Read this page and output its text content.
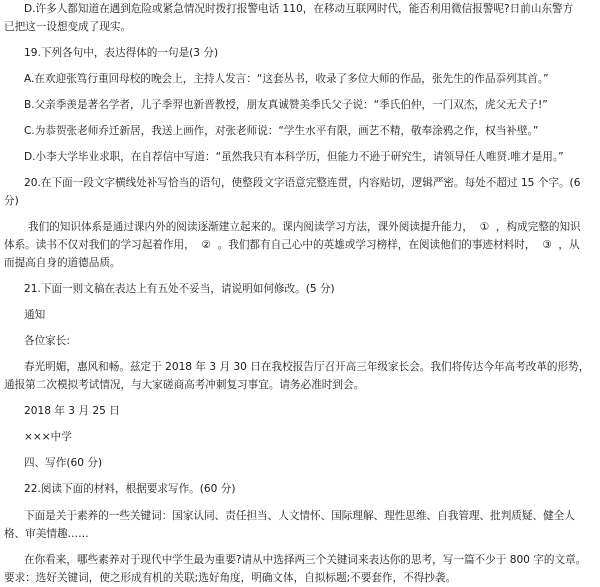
D.许多人都知道在遇到危险或紧急情况时拨打报警电话 110，在移动互联网时代，能否利用微信报警呢?日前山东警方

已把这一设想变成了现实。

19.下列各句中，表达得体的一句是(3 分)

A.在欢迎张笃行重回母校的晚会上，主持人发言：“这套丛书，收录了多位大师的作品，张先生的作品忝列其首。”

B.父亲季羡是著名学者，儿子季羿也新晋教授，朋友真诚赞美季氏父子说：“季氏伯仲，一门双杰，虎父无犬子!”

C.为恭贺张老师乔迁新居，我送上画作，对张老师说：“学生水平有限，画艺不精，敬奉涂鸦之作，权当补壁。”

D.小李大学毕业求职，在自荐信中写道：“虽然我只有本科学历，但能力不逊于研究生，请领导任人唯贤.唯才是用。”

20.在下面一段文字横线处补写恰当的语句，使整段文字语意完整连贯，内容贴切，逻辑严密。每处不超过 15 个字。(6

分)

我们的知识体系是通过课内外的阅读逐渐建立起来的。课内阅读学习方法，课外阅读提升能力，  ①  ，构成完整的知识

体系。读书不仅对我们的学习起着作用，  ②  。我们都有自己心中的英雄或学习榜样，在阅读他们的事迹材料时，  ③  ，从

而提高自身的道德品质。

21.下面一则文稿在表达上有五处不妥当，请说明如何修改。(5 分)

通知

各位家长:

春光明媚，惠风和畅。兹定于 2018 年 3 月 30 日在我校报告厅召开高三年级家长会。我们将传达今年高考改革的形势，

通报第二次模拟考试情况，与大家磋商高考冲刺复习事宜。请务必准时到会。

2018 年 3 月 25 日

×××中学

四、写作(60 分)

22.阅读下面的材料，根据要求写作。(60 分)

下面是关于素养的一些关键词：国家认同、责任担当、人文情怀、国际理解、理性思维、自我管理、批判质疑、健全人

格、审美情趣……

在你看来，哪些素养对于现代中学生最为重要?请从中选择两三个关键词来表达你的思考，写一篇不少于 800 字的文章。

要求：选好关键词，使之形成有机的关联;选好角度，明确文体，自拟标题;不要套作，不得抄袭。
